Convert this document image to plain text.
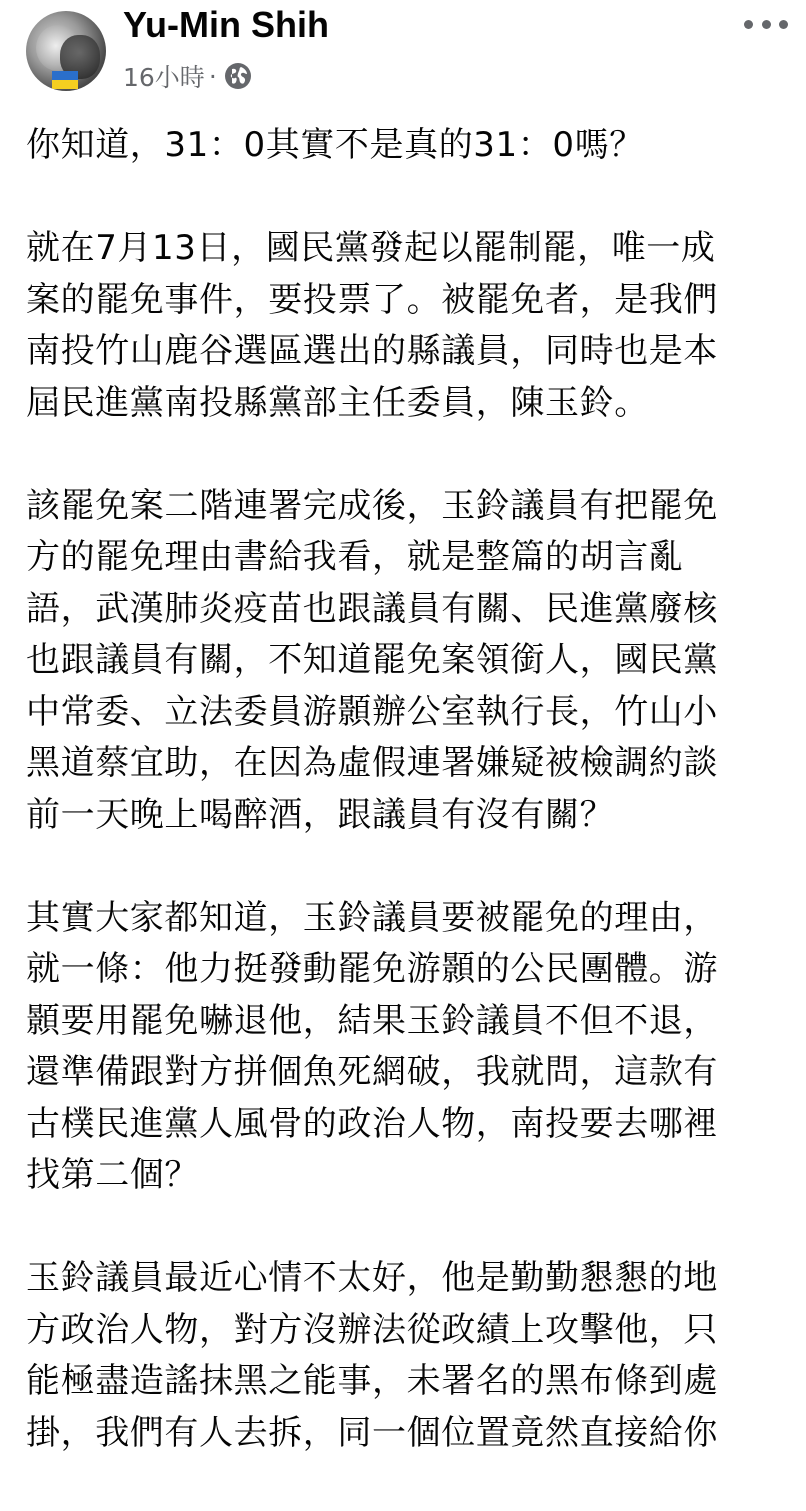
Yu-Min Shih
16小時 ·

你知道，31：0其實不是真的31：0嗎？

就在7月13日，國民黨發起以罷制罷，唯一成
案的罷免事件，要投票了。被罷免者，是我們
南投竹山鹿谷選區選出的縣議員，同時也是本
屆民進黨南投縣黨部主任委員，陳玉鈴。

該罷免案二階連署完成後，玉鈴議員有把罷免
方的罷免理由書給我看，就是整篇的胡言亂
語，武漢肺炎疫苗也跟議員有關、民進黨廢核
也跟議員有關，不知道罷免案領銜人，國民黨
中常委、立法委員游顥辦公室執行長，竹山小
黑道蔡宜助，在因為虛假連署嫌疑被檢調約談
前一天晚上喝醉酒，跟議員有沒有關？

其實大家都知道，玉鈴議員要被罷免的理由，
就一條：他力挺發動罷免游顥的公民團體。游
顥要用罷免嚇退他，結果玉鈴議員不但不退，
還準備跟對方拼個魚死網破，我就問，這款有
古樸民進黨人風骨的政治人物，南投要去哪裡
找第二個？

玉鈴議員最近心情不太好，他是勤勤懇懇的地
方政治人物，對方沒辦法從政績上攻擊他，只
能極盡造謠抹黑之能事，未署名的黑布條到處
掛，我們有人去拆，同一個位置竟然直接給你
